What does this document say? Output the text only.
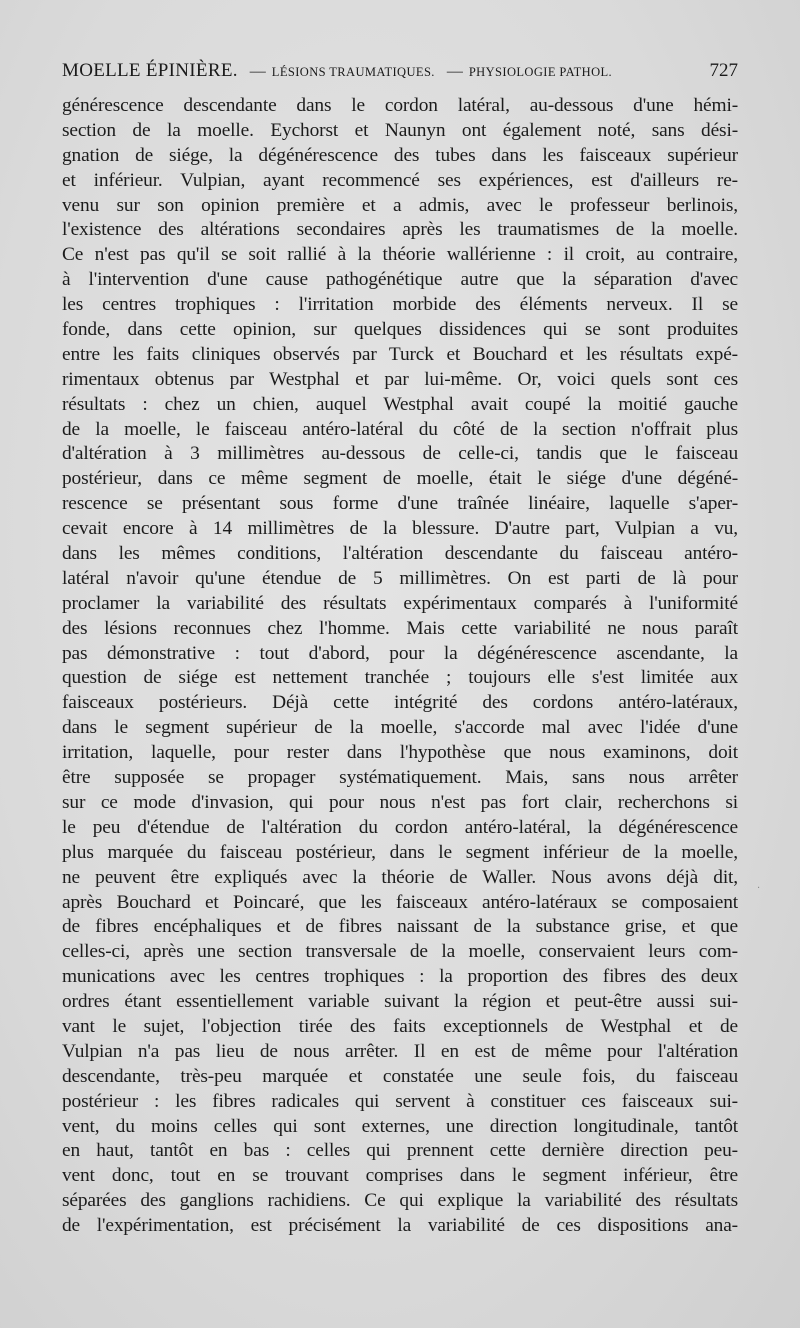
MOELLE ÉPINIÈRE. — LÉSIONS TRAUMATIQUES. — PHYSIOLOGIE PATHOL.	727
générescence descendante dans le cordon latéral, au-dessous d'une hémi-
section de la moelle. Eychorst et Naunyn ont également noté, sans dési-
gnation de siége, la dégénérescence des tubes dans les faisceaux supérieur
et inférieur. Vulpian, ayant recommencé ses expériences, est d'ailleurs re-
venu sur son opinion première et a admis, avec le professeur berlinois,
l'existence des altérations secondaires après les traumatismes de la moelle.
Ce n'est pas qu'il se soit rallié à la théorie wallérienne : il croit, au contraire,
à l'intervention d'une cause pathogénétique autre que la séparation d'avec
les centres trophiques : l'irritation morbide des éléments nerveux. Il se
fonde, dans cette opinion, sur quelques dissidences qui se sont produites
entre les faits cliniques observés par Turck et Bouchard et les résultats expé-
rimentaux obtenus par Westphal et par lui-même. Or, voici quels sont ces
résultats : chez un chien, auquel Westphal avait coupé la moitié gauche
de la moelle, le faisceau antéro-latéral du côté de la section n'offrait plus
d'altération à 3 millimètres au-dessous de celle-ci, tandis que le faisceau
postérieur, dans ce même segment de moelle, était le siége d'une dégéné-
rescence se présentant sous forme d'une traînée linéaire, laquelle s'aper-
cevait encore à 14 millimètres de la blessure. D'autre part, Vulpian a vu,
dans les mêmes conditions, l'altération descendante du faisceau antéro-
latéral n'avoir qu'une étendue de 5 millimètres. On est parti de là pour
proclamer la variabilité des résultats expérimentaux comparés à l'uniformité
des lésions reconnues chez l'homme. Mais cette variabilité ne nous paraît
pas démonstrative : tout d'abord, pour la dégénérescence ascendante, la
question de siége est nettement tranchée ; toujours elle s'est limitée aux
faisceaux postérieurs. Déjà cette intégrité des cordons antéro-latéraux,
dans le segment supérieur de la moelle, s'accorde mal avec l'idée d'une
irritation, laquelle, pour rester dans l'hypothèse que nous examinons, doit
être supposée se propager systématiquement. Mais, sans nous arrêter
sur ce mode d'invasion, qui pour nous n'est pas fort clair, recherchons si
le peu d'étendue de l'altération du cordon antéro-latéral, la dégénérescence
plus marquée du faisceau postérieur, dans le segment inférieur de la moelle,
ne peuvent être expliqués avec la théorie de Waller. Nous avons déjà dit,
après Bouchard et Poincaré, que les faisceaux antéro-latéraux se composaient
de fibres encéphaliques et de fibres naissant de la substance grise, et que
celles-ci, après une section transversale de la moelle, conservaient leurs com-
munications avec les centres trophiques : la proportion des fibres des deux
ordres étant essentiellement variable suivant la région et peut-être aussi sui-
vant le sujet, l'objection tirée des faits exceptionnels de Westphal et de
Vulpian n'a pas lieu de nous arrêter. Il en est de même pour l'altération
descendante, très-peu marquée et constatée une seule fois, du faisceau
postérieur : les fibres radicales qui servent à constituer ces faisceaux sui-
vent, du moins celles qui sont externes, une direction longitudinale, tantôt
en haut, tantôt en bas : celles qui prennent cette dernière direction peu-
vent donc, tout en se trouvant comprises dans le segment inférieur, être
séparées des ganglions rachidiens. Ce qui explique la variabilité des résultats
de l'expérimentation, est précisément la variabilité de ces dispositions ana-
·
